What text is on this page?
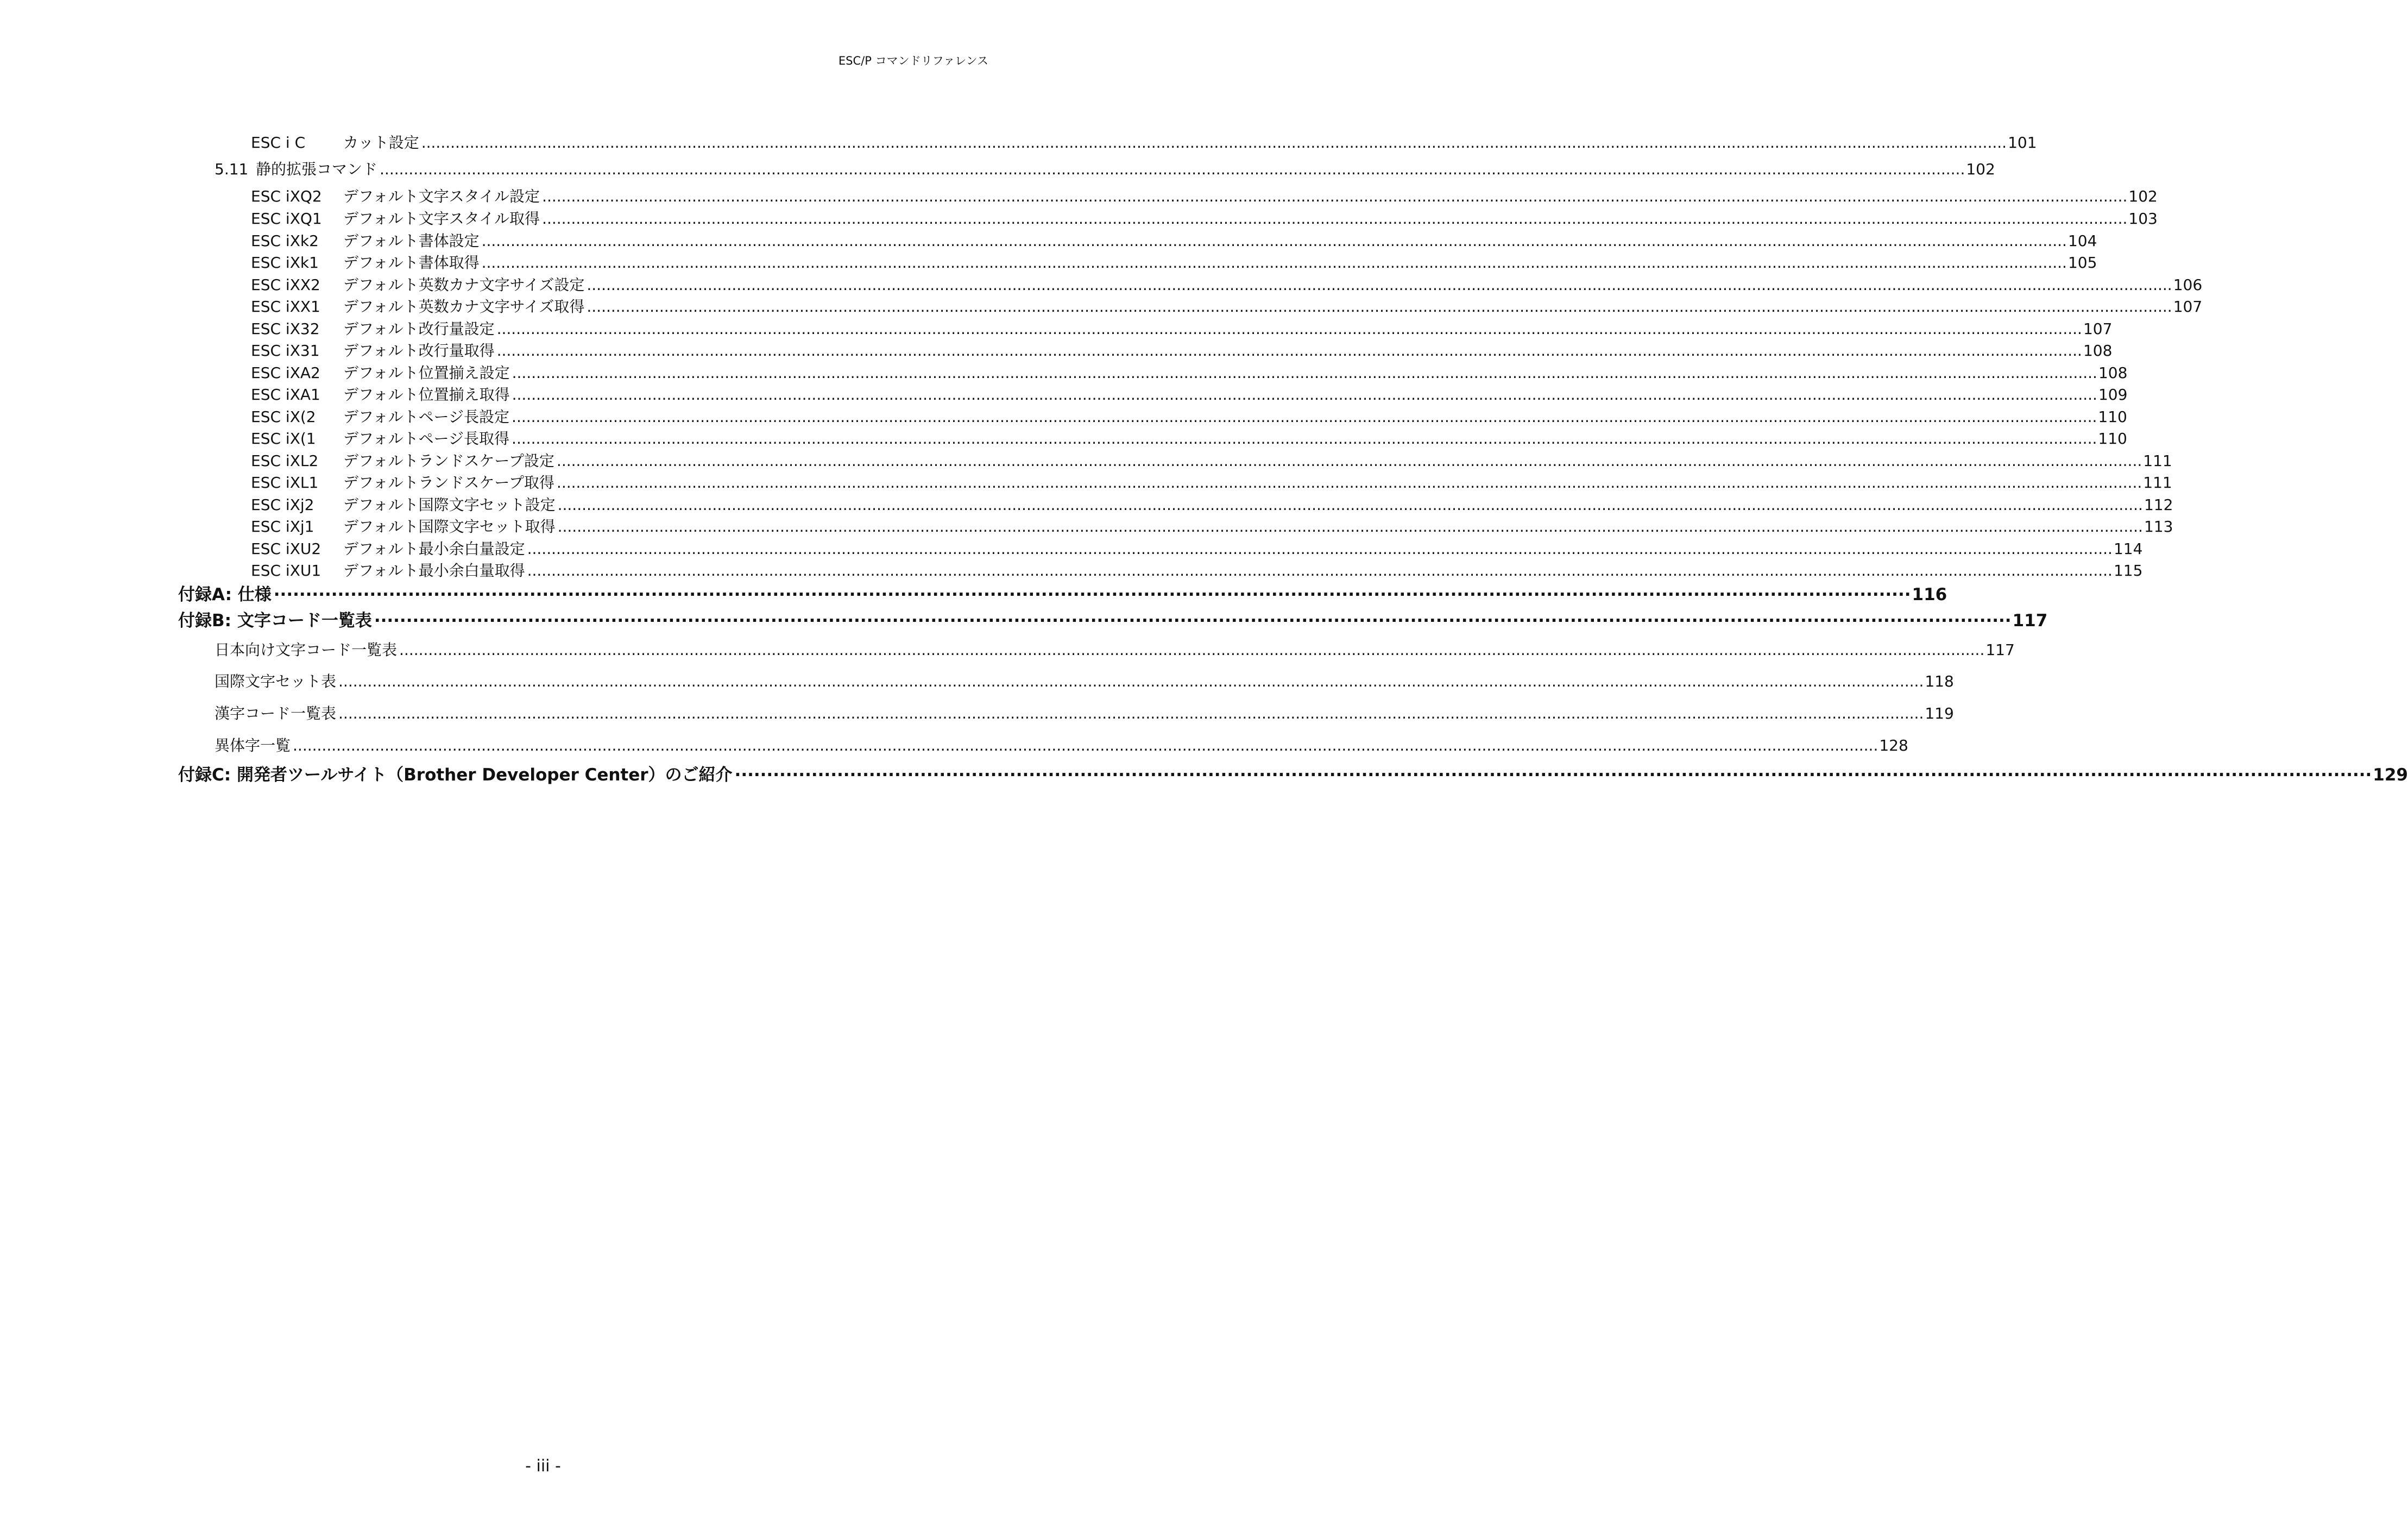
ESC/P コマンドリファレンス
ESC i C	カット設定 .....	101
5.11 静的拡張コマンド .....	102
ESC iXQ2	デフォルト文字スタイル設定 .....	102
ESC iXQ1	デフォルト文字スタイル取得 .....	103
ESC iXk2	デフォルト書体設定 .....	104
ESC iXk1	デフォルト書体取得 .....	105
ESC iXX2	デフォルト英数カナ文字サイズ設定 .....	106
ESC iXX1	デフォルト英数カナ文字サイズ取得 .....	107
ESC iX32	デフォルト改行量設定 .....	107
ESC iX31	デフォルト改行量取得 .....	108
ESC iXA2	デフォルト位置揃え設定 .....	108
ESC iXA1	デフォルト位置揃え取得 .....	109
ESC iX(2	デフォルトページ長設定 .....	110
ESC iX(1	デフォルトページ長取得 .....	110
ESC iXL2	デフォルトランドスケープ設定 .....	111
ESC iXL1	デフォルトランドスケープ取得 .....	111
ESC iXj2	デフォルト国際文字セット設定 .....	112
ESC iXj1	デフォルト国際文字セット取得 .....	113
ESC iXU2	デフォルト最小余白量設定 .....	114
ESC iXU1	デフォルト最小余白量取得 .....	115
付録A: 仕様 ·····	116
付録B: 文字コード一覧表 ·····	117
日本向け文字コード一覧表 .....	117
国際文字セット表 .....	118
漢字コード一覧表 .....	119
異体字一覧 .....	128
付録C: 開発者ツールサイト（Brother Developer Center）のご紹介 ·····	129
- iii -
